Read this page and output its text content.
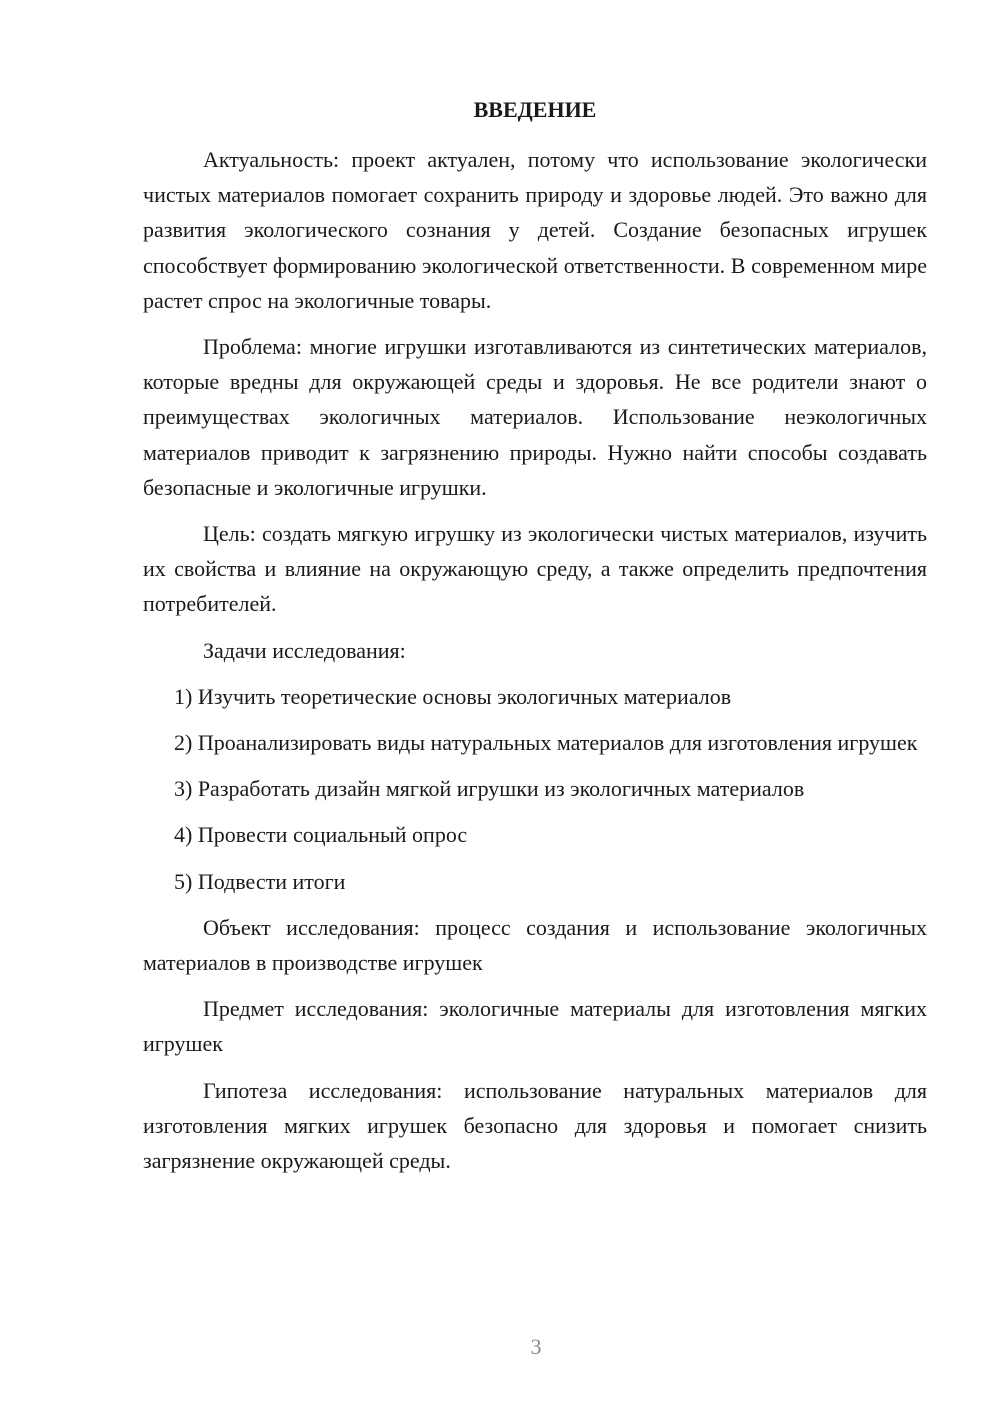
ВВЕДЕНИЕ

Актуальность: проект актуален, потому что использование экологически чистых материалов помогает сохранить природу и здоровье людей. Это важно для развития экологического сознания у детей. Создание безопасных игрушек способствует формированию экологической ответственности. В современном мире растет спрос на экологичные товары.

Проблема: многие игрушки изготавливаются из синтетических материалов, которые вредны для окружающей среды и здоровья. Не все родители знают о преимуществах экологичных материалов. Использование неэкологичных материалов приводит к загрязнению природы. Нужно найти способы создавать безопасные и экологичные игрушки.

Цель: создать мягкую игрушку из экологически чистых материалов, изучить их свойства и влияние на окружающую среду, а также определить предпочтения потребителей.

Задачи исследования:

1) Изучить теоретические основы экологичных материалов

2) Проанализировать виды натуральных материалов для изготовления игрушек

3) Разработать дизайн мягкой игрушки из экологичных материалов

4) Провести социальный опрос

5) Подвести итоги

Объект исследования: процесс создания и использование экологичных материалов в производстве игрушек

Предмет исследования: экологичные материалы для изготовления мягких игрушек

Гипотеза исследования: использование натуральных материалов для изготовления мягких игрушек безопасно для здоровья и помогает снизить загрязнение окружающей среды.

3
